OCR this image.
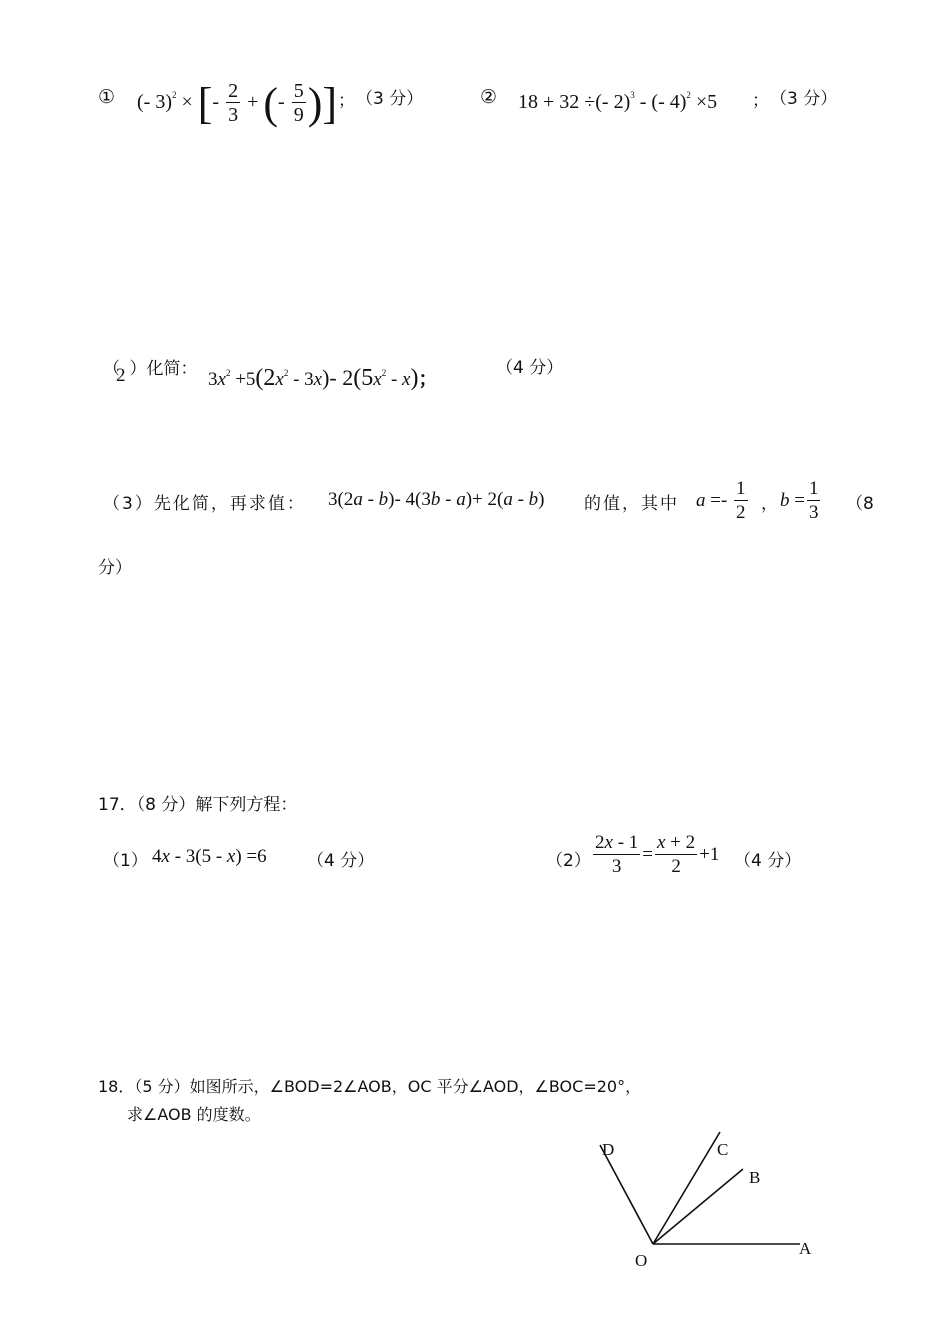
① (- 3)$^2$ × [- $\frac{2}{3}$ + (- $\frac{5}{9}$ )] ； （3 分）	② 18 + 32 ÷(- 2)$^3$ - (- 4)$^2$ ×5 ； （3 分）
（2 ）化简： $3x^2 +5(2x^2 - 3x)-$ $2(5x^2 - x)$；
（4 分）
（3）先化简，再求值： 3(2a - b)- 4(3b - a)+ 2(a - b) 的值，其中 $a =- \frac{1}{2}$ ， $b = \frac{1}{3} (8$
分）
17．（8 分）解下列方程：
（1） 4x - 3(5 - x) =6 （4 分）	$(2) \frac{2x - 1}{3} = \frac{x + 2}{2} +1$ （4 分）
18．（5 分）如图所示，∠BOD=2∠AOB，OC 平分∠AOD，∠BOC=20°，
求∠AOB 的度数。
D	C
B
O
A
